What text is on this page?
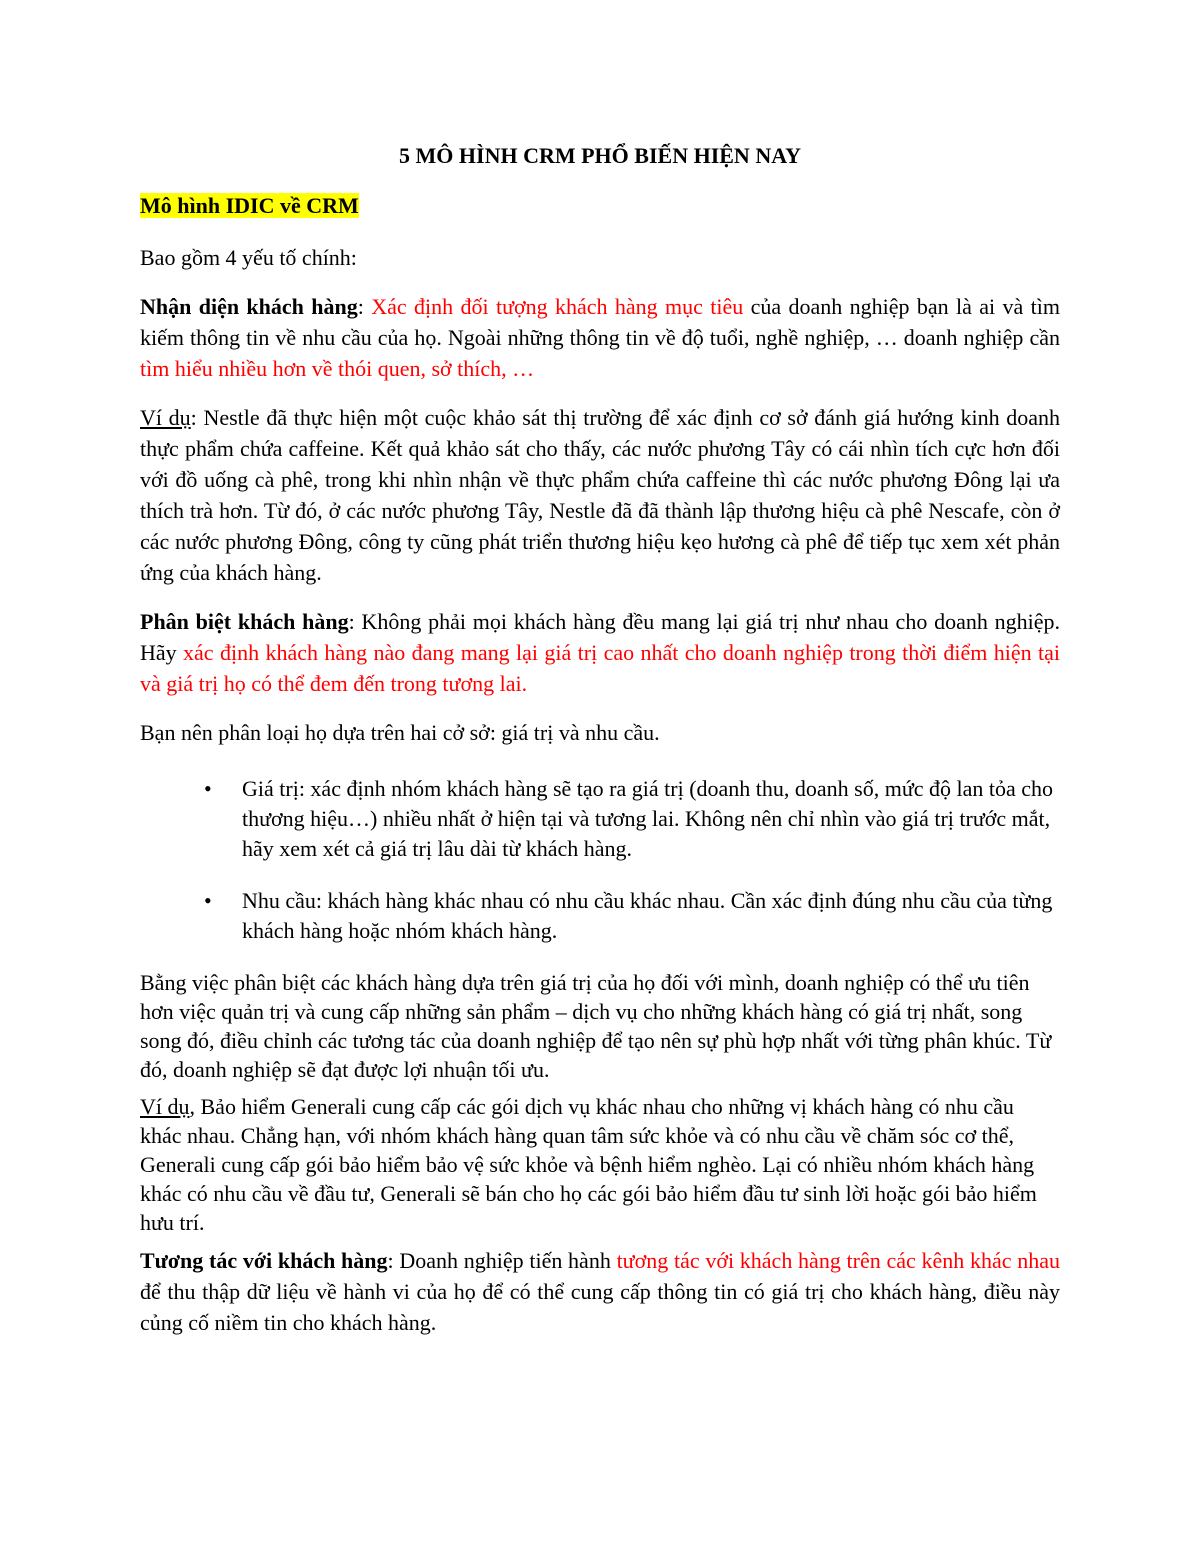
5 MÔ HÌNH CRM PHỔ BIẾN HIỆN NAY
Mô hình IDIC về CRM

Bao gồm 4 yếu tố chính:

Nhận diện khách hàng: Xác định đối tượng khách hàng mục tiêu của doanh nghiệp bạn là ai và tìm kiếm thông tin về nhu cầu của họ. Ngoài những thông tin về độ tuổi, nghề nghiệp, … doanh nghiệp cần tìm hiểu nhiều hơn về thói quen, sở thích, …

Ví dụ: Nestle đã thực hiện một cuộc khảo sát thị trường để xác định cơ sở đánh giá hướng kinh doanh thực phẩm chứa caffeine. Kết quả khảo sát cho thấy, các nước phương Tây có cái nhìn tích cực hơn đối với đồ uống cà phê, trong khi nhìn nhận về thực phẩm chứa caffeine thì các nước phương Đông lại ưa thích trà hơn. Từ đó, ở các nước phương Tây, Nestle đã đã thành lập thương hiệu cà phê Nescafe, còn ở các nước phương Đông, công ty cũng phát triển thương hiệu kẹo hương cà phê để tiếp tục xem xét phản ứng của khách hàng.

Phân biệt khách hàng: Không phải mọi khách hàng đều mang lại giá trị như nhau cho doanh nghiệp. Hãy xác định khách hàng nào đang mang lại giá trị cao nhất cho doanh nghiệp trong thời điểm hiện tại và giá trị họ có thể đem đến trong tương lai.

Bạn nên phân loại họ dựa trên hai cở sở: giá trị và nhu cầu.

• Giá trị: xác định nhóm khách hàng sẽ tạo ra giá trị (doanh thu, doanh số, mức độ lan tỏa cho thương hiệu…) nhiều nhất ở hiện tại và tương lai. Không nên chỉ nhìn vào giá trị trước mắt, hãy xem xét cả giá trị lâu dài từ khách hàng.
• Nhu cầu: khách hàng khác nhau có nhu cầu khác nhau. Cần xác định đúng nhu cầu của từng khách hàng hoặc nhóm khách hàng.

Bằng việc phân biệt các khách hàng dựa trên giá trị của họ đối với mình, doanh nghiệp có thể ưu tiên hơn việc quản trị và cung cấp những sản phẩm – dịch vụ cho những khách hàng có giá trị nhất, song song đó, điều chỉnh các tương tác của doanh nghiệp để tạo nên sự phù hợp nhất với từng phân khúc. Từ đó, doanh nghiệp sẽ đạt được lợi nhuận tối ưu.

Ví dụ, Bảo hiểm Generali cung cấp các gói dịch vụ khác nhau cho những vị khách hàng có nhu cầu khác nhau. Chẳng hạn, với nhóm khách hàng quan tâm sức khỏe và có nhu cầu về chăm sóc cơ thể, Generali cung cấp gói bảo hiểm bảo vệ sức khỏe và bệnh hiểm nghèo. Lại có nhiều nhóm khách hàng khác có nhu cầu về đầu tư, Generali sẽ bán cho họ các gói bảo hiểm đầu tư sinh lời hoặc gói bảo hiểm hưu trí.

Tương tác với khách hàng: Doanh nghiệp tiến hành tương tác với khách hàng trên các kênh khác nhau để thu thập dữ liệu về hành vi của họ để có thể cung cấp thông tin có giá trị cho khách hàng, điều này củng cố niềm tin cho khách hàng.
